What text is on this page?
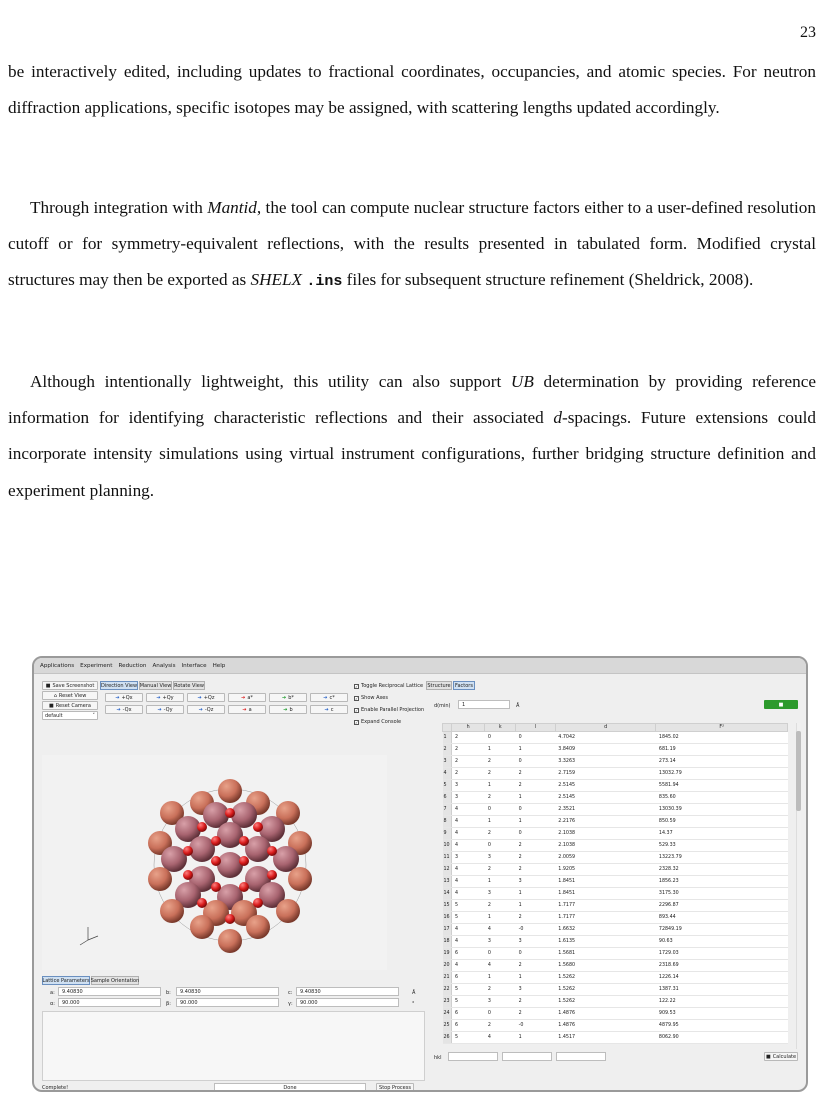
23

be interactively edited, including updates to fractional coordinates, occupancies, and atomic species. For neutron diffraction applications, specific isotopes may be assigned, with scattering lengths updated accordingly.

Through integration with Mantid, the tool can compute nuclear structure factors either to a user-defined resolution cutoff or for symmetry-equivalent reflections, with the results presented in tabulated form. Modified crystal structures may then be exported as SHELX .ins files for subsequent structure refinement (Sheldrick, 2008).

Although intentionally lightweight, this utility can also support UB determination by providing reference information for identifying characteristic reflections and their associated d-spacings. Future extensions could incorporate intensity simulations using virtual instrument configurations, further bridging structure definition and experiment planning.

Applications Experiment Reduction Analysis Interface Help
■ Save Screenshot
⌂ Reset View
■ Reset Camera
default	˅
Direction View Manual View Rotate View
➔ +Qx	➔ +Qy	➔ +Qz	➔ a*	➔ b*	➔ c*
➔ -Qx	➔ -Qy	➔ -Qz	➔ a	➔ b	➔ c
✓ Toggle Reciprocal Lattice
✓ Show Axes
✓ Enable Parallel Projection
✓ Expand Console
Lattice Parameters Sample Orientation
a:	9.40830	b:	9.40830	c:	9.40830	Å
α:	90.000	β:	90.000	γ:	90.000	°
Complete!	Done	Stop Process
Structure Factors
d(min)	1	Å	■
	h	k	l	d	F²
1	2	0	0	4.7042	1845.02
2	2	1	1	3.8409	681.19
3	2	2	0	3.3263	273.14
4	2	2	2	2.7159	13032.79
5	3	1	2	2.5145	5581.94
6	3	2	1	2.5145	835.60
7	4	0	0	2.3521	13030.39
8	4	1	1	2.2176	850.59
9	4	2	0	2.1038	14.37
10	4	0	2	2.1038	529.33
11	3	3	2	2.0059	13223.79
12	4	2	2	1.9205	2328.32
13	4	1	3	1.8451	1856.23
14	4	3	1	1.8451	3175.30
15	5	2	1	1.7177	2296.87
16	5	1	2	1.7177	893.44
17	4	4	-0	1.6632	72849.19
18	4	3	3	1.6135	90.63
19	6	0	0	1.5681	1729.03
20	4	4	2	1.5680	2318.69
21	6	1	1	1.5262	1226.14
22	5	2	3	1.5262	1387.31
23	5	3	2	1.5262	122.22
24	6	0	2	1.4876	909.53
25	6	2	-0	1.4876	4879.95
26	5	4	1	1.4517	8062.90
hkl	■ Calculate
